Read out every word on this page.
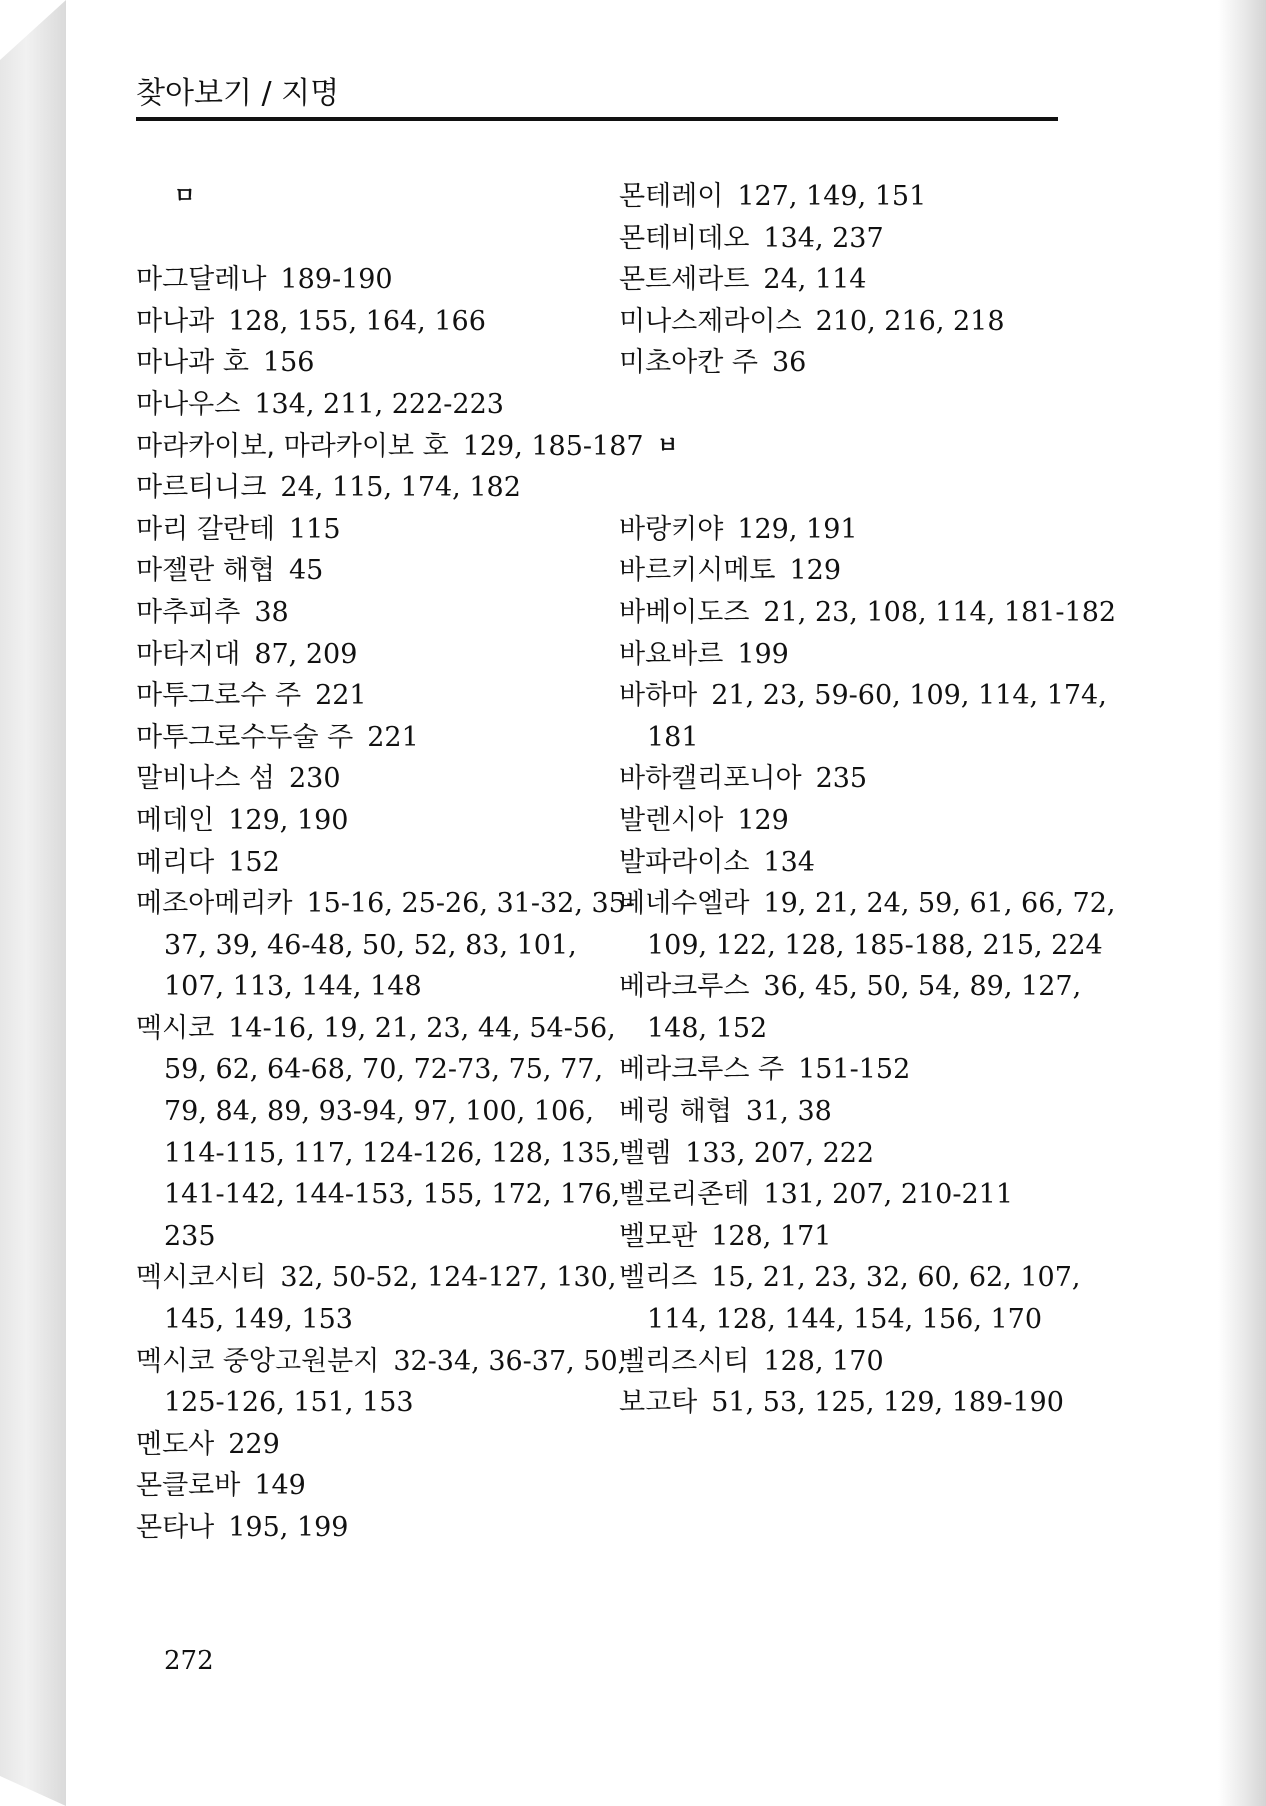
찾아보기 / 지명
ㅁ
마그달레나 189-190
마나과 128, 155, 164, 166
마나과 호 156
마나우스 134, 211, 222-223
마라카이보, 마라카이보 호 129, 185-187
마르티니크 24, 115, 174, 182
마리 갈란테 115
마젤란 해협 45
마추피추 38
마타지대 87, 209
마투그로수 주 221
마투그로수두술 주 221
말비나스 섬 230
메데인 129, 190
메리다 152
메조아메리카 15-16, 25-26, 31-32, 35-37, 39, 46-48, 50, 52, 83, 101, 107, 113, 144, 148
멕시코 14-16, 19, 21, 23, 44, 54-56, 59, 62, 64-68, 70, 72-73, 75, 77, 79, 84, 89, 93-94, 97, 100, 106, 114-115, 117, 124-126, 128, 135, 141-142, 144-153, 155, 172, 176, 235
멕시코시티 32, 50-52, 124-127, 130, 145, 149, 153
멕시코 중앙고원분지 32-34, 36-37, 50, 125-126, 151, 153
멘도사 229
몬클로바 149
몬타나 195, 199
몬테레이 127, 149, 151
몬테비데오 134, 237
몬트세라트 24, 114
미나스제라이스 210, 216, 218
미초아칸 주 36
ㅂ
바랑키야 129, 191
바르키시메토 129
바베이도즈 21, 23, 108, 114, 181-182
바요바르 199
바하마 21, 23, 59-60, 109, 114, 174, 181
바하캘리포니아 235
발렌시아 129
발파라이소 134
베네수엘라 19, 21, 24, 59, 61, 66, 72, 109, 122, 128, 185-188, 215, 224
베라크루스 36, 45, 50, 54, 89, 127, 148, 152
베라크루스 주 151-152
베링 해협 31, 38
벨렘 133, 207, 222
벨로리존테 131, 207, 210-211
벨모판 128, 171
벨리즈 15, 21, 23, 32, 60, 62, 107, 114, 128, 144, 154, 156, 170
벨리즈시티 128, 170
보고타 51, 53, 125, 129, 189-190
272
